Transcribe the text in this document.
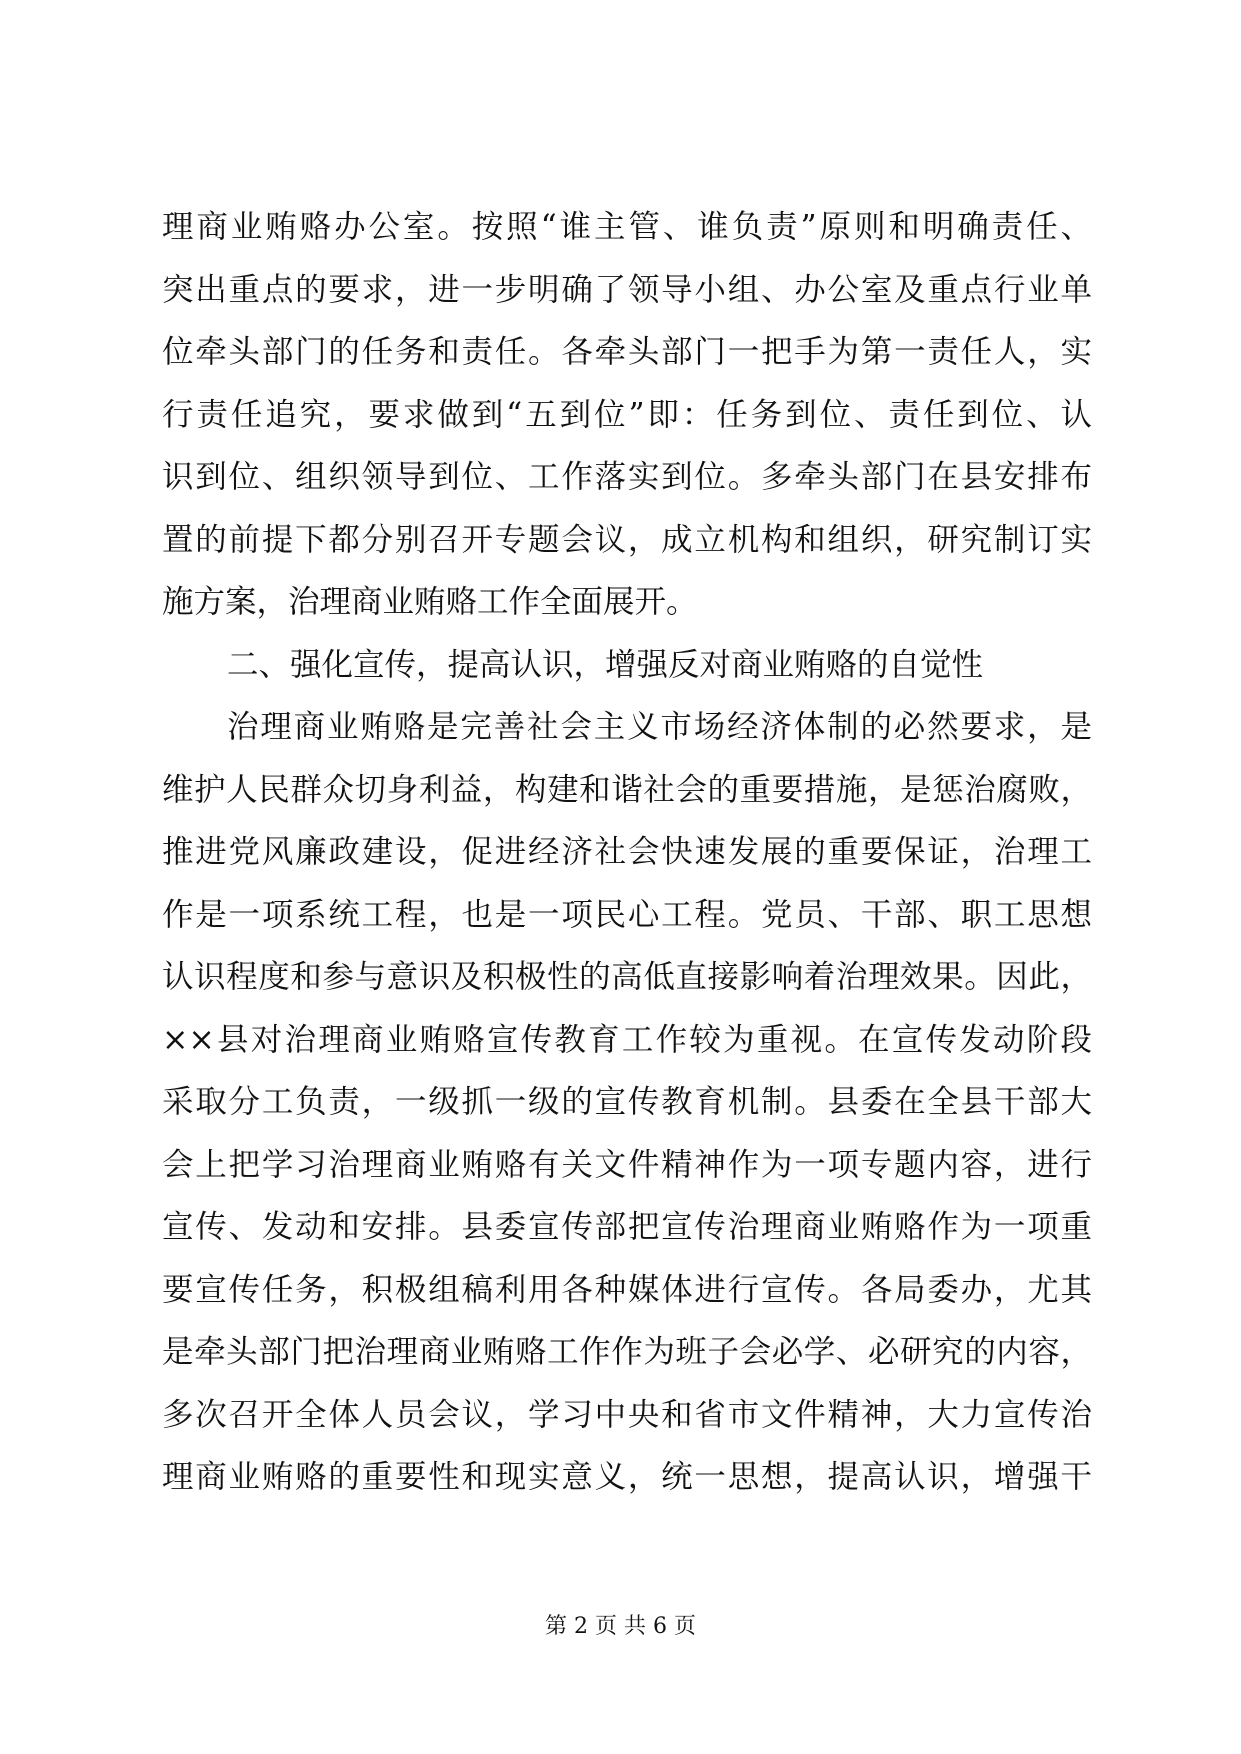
理商业贿赂办公室。按照“谁主管、谁负责”原则和明确责任、
突出重点的要求，进一步明确了领导小组、办公室及重点行业单
位牵头部门的任务和责任。各牵头部门一把手为第一责任人，实
行责任追究，要求做到“五到位”即：任务到位、责任到位、认
识到位、组织领导到位、工作落实到位。多牵头部门在县安排布
置的前提下都分别召开专题会议，成立机构和组织，研究制订实
施方案，治理商业贿赂工作全面展开。
二、强化宣传，提高认识，增强反对商业贿赂的自觉性
治理商业贿赂是完善社会主义市场经济体制的必然要求，是
维护人民群众切身利益，构建和谐社会的重要措施，是惩治腐败，
推进党风廉政建设，促进经济社会快速发展的重要保证，治理工
作是一项系统工程，也是一项民心工程。党员、干部、职工思想
认识程度和参与意识及积极性的高低直接影响着治理效果。因此，
××县对治理商业贿赂宣传教育工作较为重视。在宣传发动阶段
采取分工负责，一级抓一级的宣传教育机制。县委在全县干部大
会上把学习治理商业贿赂有关文件精神作为一项专题内容，进行
宣传、发动和安排。县委宣传部把宣传治理商业贿赂作为一项重
要宣传任务，积极组稿利用各种媒体进行宣传。各局委办，尤其
是牵头部门把治理商业贿赂工作作为班子会必学、必研究的内容，
多次召开全体人员会议，学习中央和省市文件精神，大力宣传治
理商业贿赂的重要性和现实意义，统一思想，提高认识，增强干
第 2 页 共 6 页
